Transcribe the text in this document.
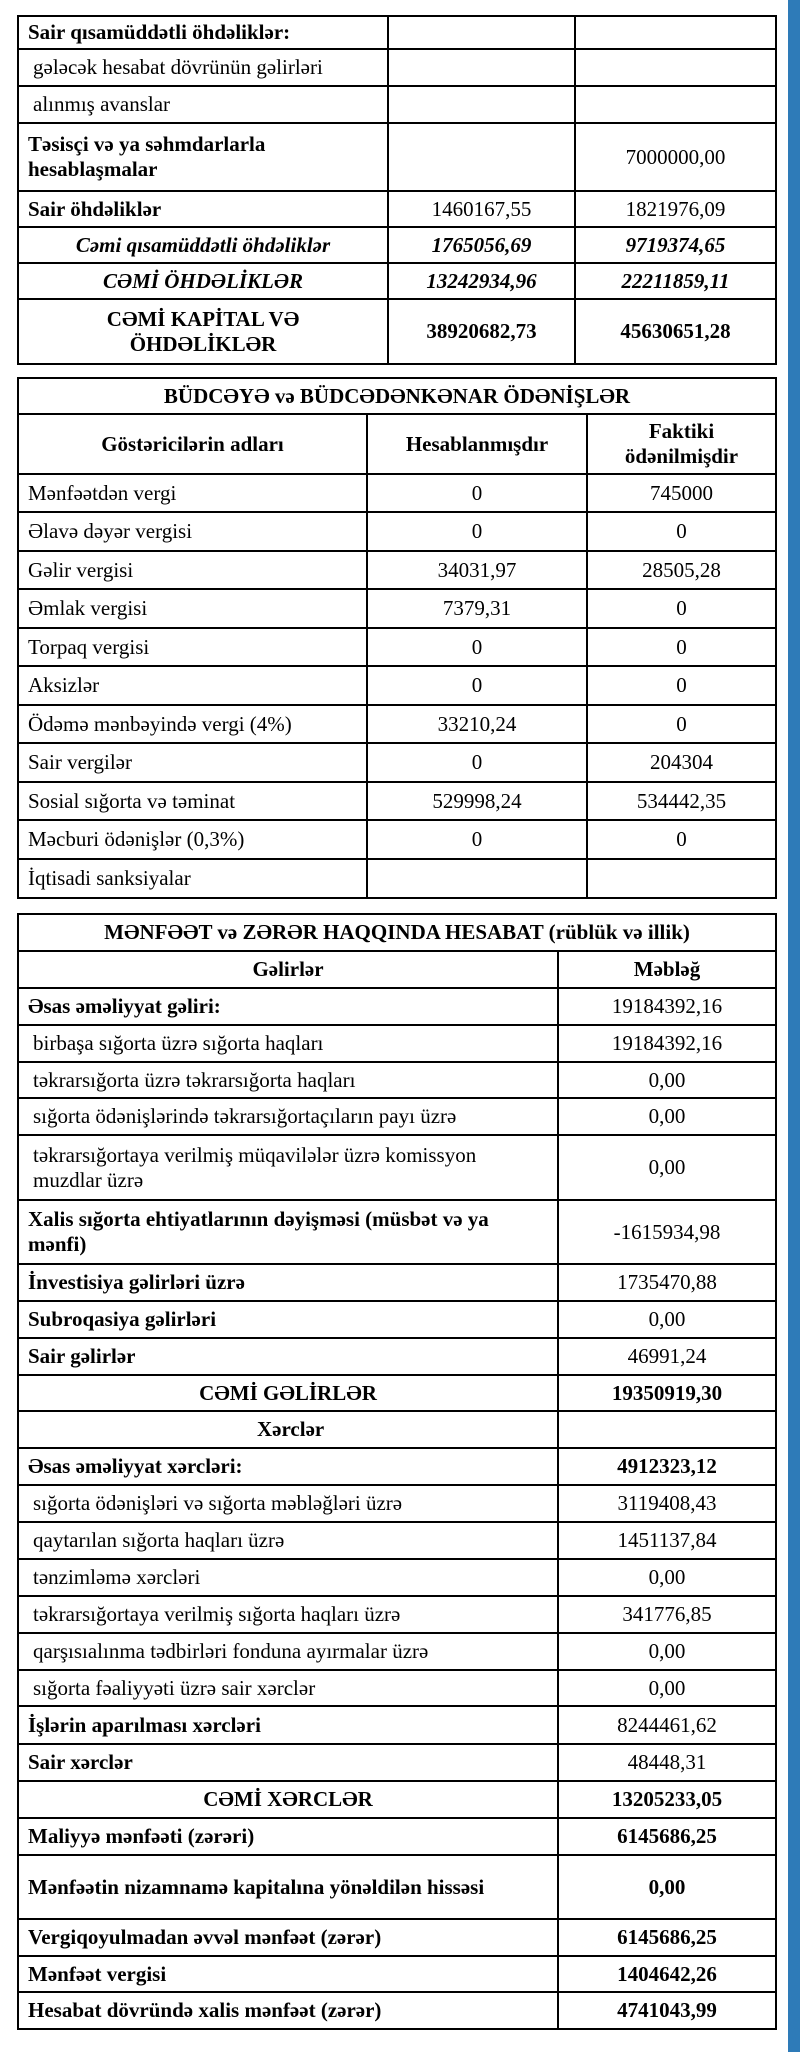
Sair qısamüddətli öhdəliklər:		
gələcək hesabat dövrünün gəlirləri		
alınmış avanslar		
Təsisçi və ya səhmdarlarla hesablaşmalar		7000000,00
Sair öhdəliklər	1460167,55	1821976,09
Cəmi qısamüddətli öhdəliklər	1765056,69	9719374,65
CƏMİ ÖHDƏLİKLƏR	13242934,96	22211859,11
CƏMİ KAPİTAL VƏ ÖHDƏLİKLƏR	38920682,73	45630651,28
BÜDCƏYƏ və BÜDCƏDƏNKƏNAR ÖDƏNİŞLƏR		
Göstəricilərin adları	Hesablanmışdır	Faktiki ödənilmişdir
Mənfəətdən vergi	0	745000
Əlavə dəyər vergisi	0	0
Gəlir vergisi	34031,97	28505,28
Əmlak vergisi	7379,31	0
Torpaq vergisi	0	0
Aksizlər	0	0
Ödəmə mənbəyində vergi (4%)	33210,24	0
Sair vergilər	0	204304
Sosial sığorta və təminat	529998,24	534442,35
Məcburi ödənişlər (0,3%)	0	0
İqtisadi sanksiyalar		
MƏNFƏƏT və ZƏRƏR HAQQINDA HESABAT (rüblük və illik)	
Gəlirlər	Məbləğ
Əsas əməliyyat gəliri:	19184392,16
birbaşa sığorta üzrə sığorta haqları	19184392,16
təkrarsığorta üzrə təkrarsığorta haqları	0,00
sığorta ödənişlərində təkrarsığortaçıların payı üzrə	0,00
təkrarsığortaya verilmiş müqavilələr üzrə komissyon muzdlar üzrə	0,00
Xalis sığorta ehtiyatlarının dəyişməsi (müsbət və ya mənfi)	-1615934,98
İnvestisiya gəlirləri üzrə	1735470,88
Subroqasiya gəlirləri	0,00
Sair gəlirlər	46991,24
CƏMİ GƏLİRLƏR	19350919,30
Xərclər	
Əsas əməliyyat xərcləri:	4912323,12
sığorta ödənişləri və sığorta məbləğləri üzrə	3119408,43
qaytarılan sığorta haqları üzrə	1451137,84
tənzimləmə xərcləri	0,00
təkrarsığortaya verilmiş sığorta haqları üzrə	341776,85
qarşısıalınma tədbirləri fonduna ayırmalar üzrə	0,00
sığorta fəaliyyəti üzrə sair xərclər	0,00
İşlərin aparılması xərcləri	8244461,62
Sair xərclər	48448,31
CƏMİ XƏRCLƏR	13205233,05
Maliyyə mənfəəti (zərəri)	6145686,25
Mənfəətin nizamnamə kapitalına yönəldilən hissəsi	0,00
Vergiqoyulmadan əvvəl mənfəət (zərər)	6145686,25
Mənfəət vergisi	1404642,26
Hesabat dövründə xalis mənfəət (zərər)	4741043,99
